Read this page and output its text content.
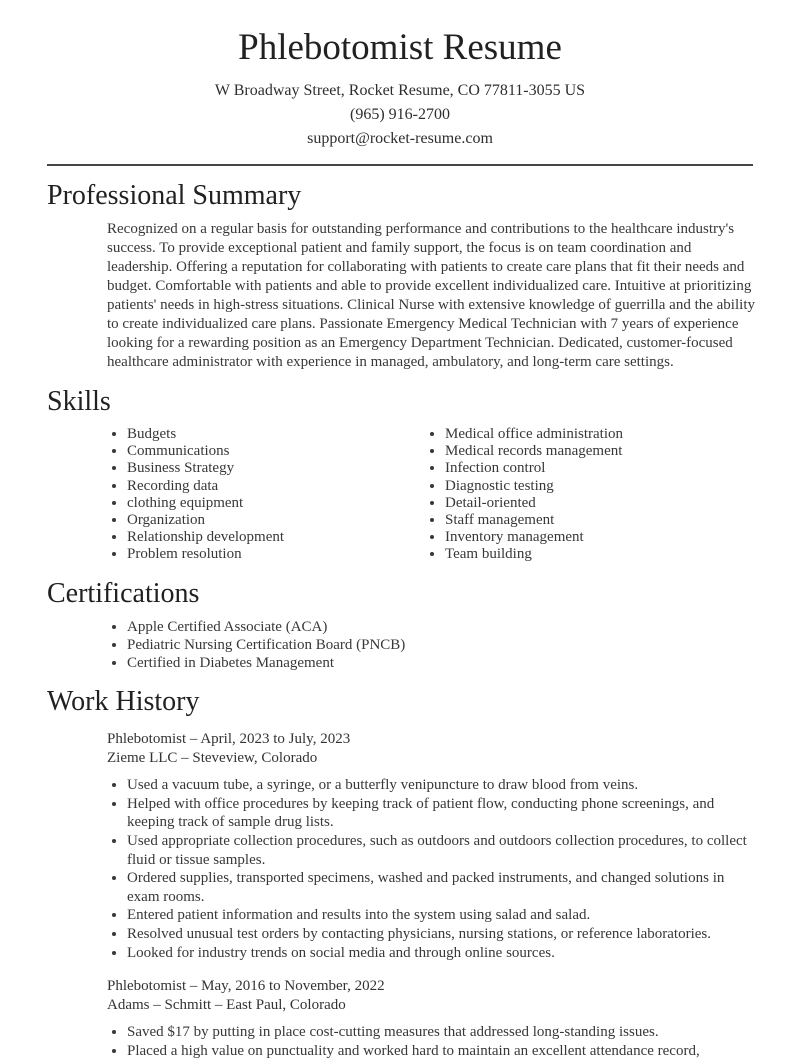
Phlebotomist Resume
W Broadway Street, Rocket Resume, CO 77811-3055 US
(965) 916-2700
support@rocket-resume.com
Professional Summary

Recognized on a regular basis for outstanding performance and contributions to the healthcare industry's success. To provide exceptional patient and family support, the focus is on team coordination and leadership. Offering a reputation for collaborating with patients to create care plans that fit their needs and budget. Comfortable with patients and able to provide excellent individualized care. Intuitive at prioritizing patients' needs in high-stress situations. Clinical Nurse with extensive knowledge of guerrilla and the ability to create individualized care plans. Passionate Emergency Medical Technician with 7 years of experience looking for a rewarding position as an Emergency Department Technician. Dedicated, customer-focused healthcare administrator with experience in managed, ambulatory, and long-term care settings.

Skills
• Budgets
• Communications
• Business Strategy
• Recording data
• clothing equipment
• Organization
• Relationship development
• Problem resolution
• Medical office administration
• Medical records management
• Infection control
• Diagnostic testing
• Detail-oriented
• Staff management
• Inventory management
• Team building
Certifications
• Apple Certified Associate (ACA)
• Pediatric Nursing Certification Board (PNCB)
• Certified in Diabetes Management
Work History
Phlebotomist – April, 2023 to July, 2023
Zieme LLC – Steveview, Colorado
• Used a vacuum tube, a syringe, or a butterfly venipuncture to draw blood from veins.
• Helped with office procedures by keeping track of patient flow, conducting phone screenings, and keeping track of sample drug lists.
• Used appropriate collection procedures, such as outdoors and outdoors collection procedures, to collect fluid or tissue samples.
• Ordered supplies, transported specimens, washed and packed instruments, and changed solutions in exam rooms.
• Entered patient information and results into the system using salad and salad.
• Resolved unusual test orders by contacting physicians, nursing stations, or reference laboratories.
• Looked for industry trends on social media and through online sources.
Phlebotomist – May, 2016 to November, 2022
Adams – Schmitt – East Paul, Colorado
• Saved $17 by putting in place cost-cutting measures that addressed long-standing issues.
• Placed a high value on punctuality and worked hard to maintain an excellent attendance record,
